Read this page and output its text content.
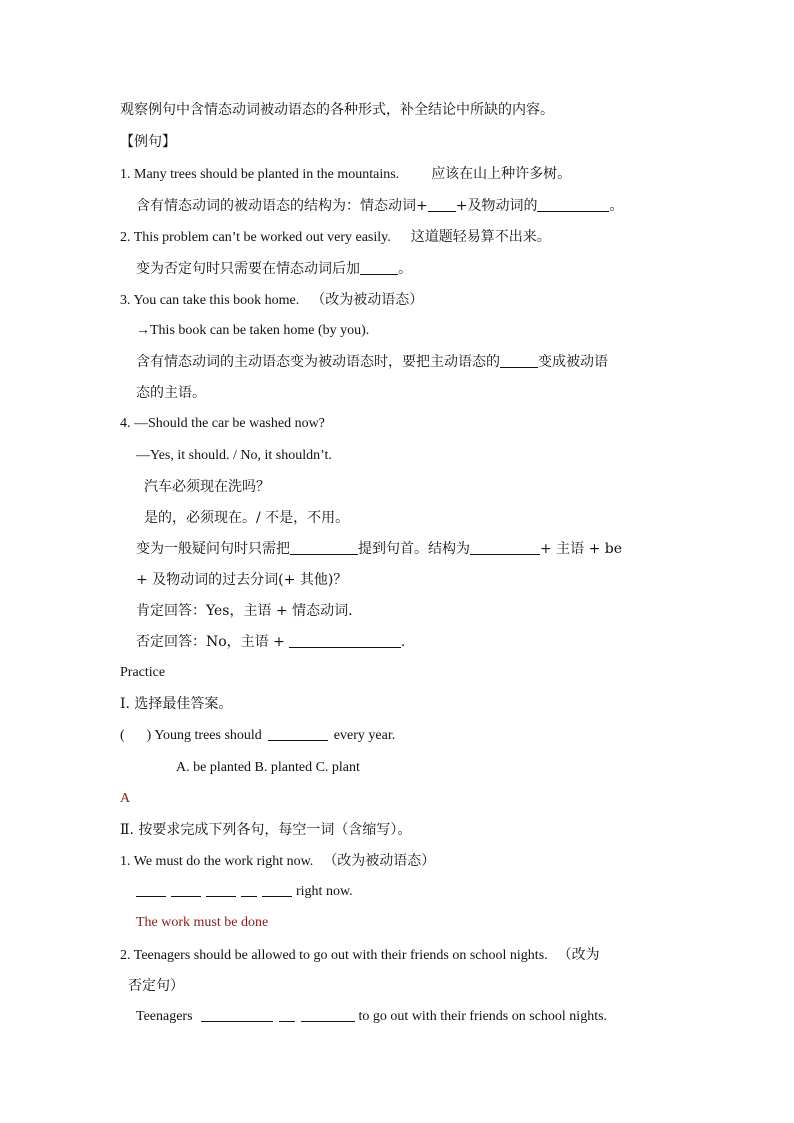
观察例句中含情态动词被动语态的各种形式，补全结论中所缺的内容。
【例句】
1. Many trees should be planted in the mountains. 应该在山上种许多树。
含有情态动词的被动语态的结构为：情态动词+ +及物动词的	。
2. This problem can’t be worked out very easily. 这道题轻易算不出来。
变为否定句时只需要在情态动词后加	。
3. You can take this book home. （改为被动语态）
→This book can be taken home (by you).
含有情态动词的主动语态变为被动语态时，要把主动语态的	变成被动语
态的主语。
4. —Should the car be washed now?
—Yes, it should. / No, it shouldn’t.
汽车必须现在洗吗？
是的，必须现在。/ 不是，不用。
变为一般疑问句时只需把	提到句首。结构为	+ 主语 + be
+ 及物动词的过去分词(+ 其他)？
肯定回答：Yes，主语 + 情态动词.
否定回答：No，主语 +	.
Practice
Ⅰ. 选择最佳答案。
( ) Young trees should	every year.
A. be planted B. planted C. plant
A
Ⅱ. 按要求完成下列各句，每空一词（含缩写）。
1. We must do the work right now. （改为被动语态）
right now.
The work must be done
2. Teenagers should be allowed to go out with their friends on school nights. （改为
否定句）
Teenagers	to go out with their friends on school nights.
